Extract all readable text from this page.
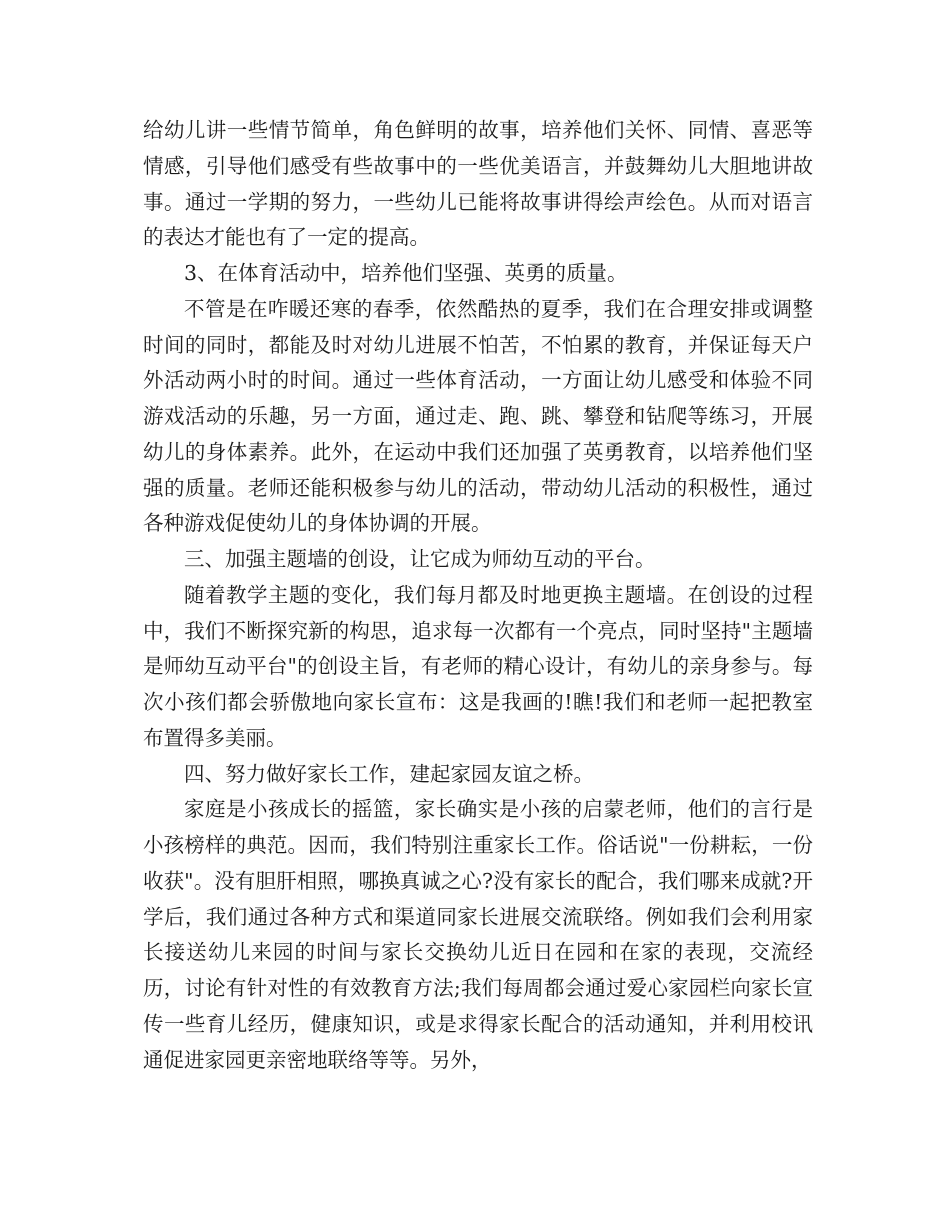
给幼儿讲一些情节简单，角色鲜明的故事，培养他们关怀、同情、喜恶等情感，引导他们感受有些故事中的一些优美语言，并鼓舞幼儿大胆地讲故事。通过一学期的努力，一些幼儿已能将故事讲得绘声绘色。从而对语言的表达才能也有了一定的提高。

3、在体育活动中，培养他们坚强、英勇的质量。

不管是在咋暖还寒的春季，依然酷热的夏季，我们在合理安排或调整时间的同时，都能及时对幼儿进展不怕苦，不怕累的教育，并保证每天户外活动两小时的时间。通过一些体育活动，一方面让幼儿感受和体验不同游戏活动的乐趣，另一方面，通过走、跑、跳、攀登和钻爬等练习，开展幼儿的身体素养。此外，在运动中我们还加强了英勇教育，以培养他们坚强的质量。老师还能积极参与幼儿的活动，带动幼儿活动的积极性，通过各种游戏促使幼儿的身体协调的开展。

三、加强主题墙的创设，让它成为师幼互动的平台。

随着教学主题的变化，我们每月都及时地更换主题墙。在创设的过程中，我们不断探究新的构思，追求每一次都有一个亮点，同时坚持"主题墙是师幼互动平台"的创设主旨，有老师的精心设计，有幼儿的亲身参与。每次小孩们都会骄傲地向家长宣布：这是我画的!瞧!我们和老师一起把教室布置得多美丽。

四、努力做好家长工作，建起家园友谊之桥。

家庭是小孩成长的摇篮，家长确实是小孩的启蒙老师，他们的言行是小孩榜样的典范。因而，我们特别注重家长工作。俗话说"一份耕耘，一份收获"。没有胆肝相照，哪换真诚之心?没有家长的配合，我们哪来成就?开学后，我们通过各种方式和渠道同家长进展交流联络。例如我们会利用家长接送幼儿来园的时间与家长交换幼儿近日在园和在家的表现，交流经历，讨论有针对性的有效教育方法;我们每周都会通过爱心家园栏向家长宣传一些育儿经历，健康知识，或是求得家长配合的活动通知，并利用校讯通促进家园更亲密地联络等等。另外，
